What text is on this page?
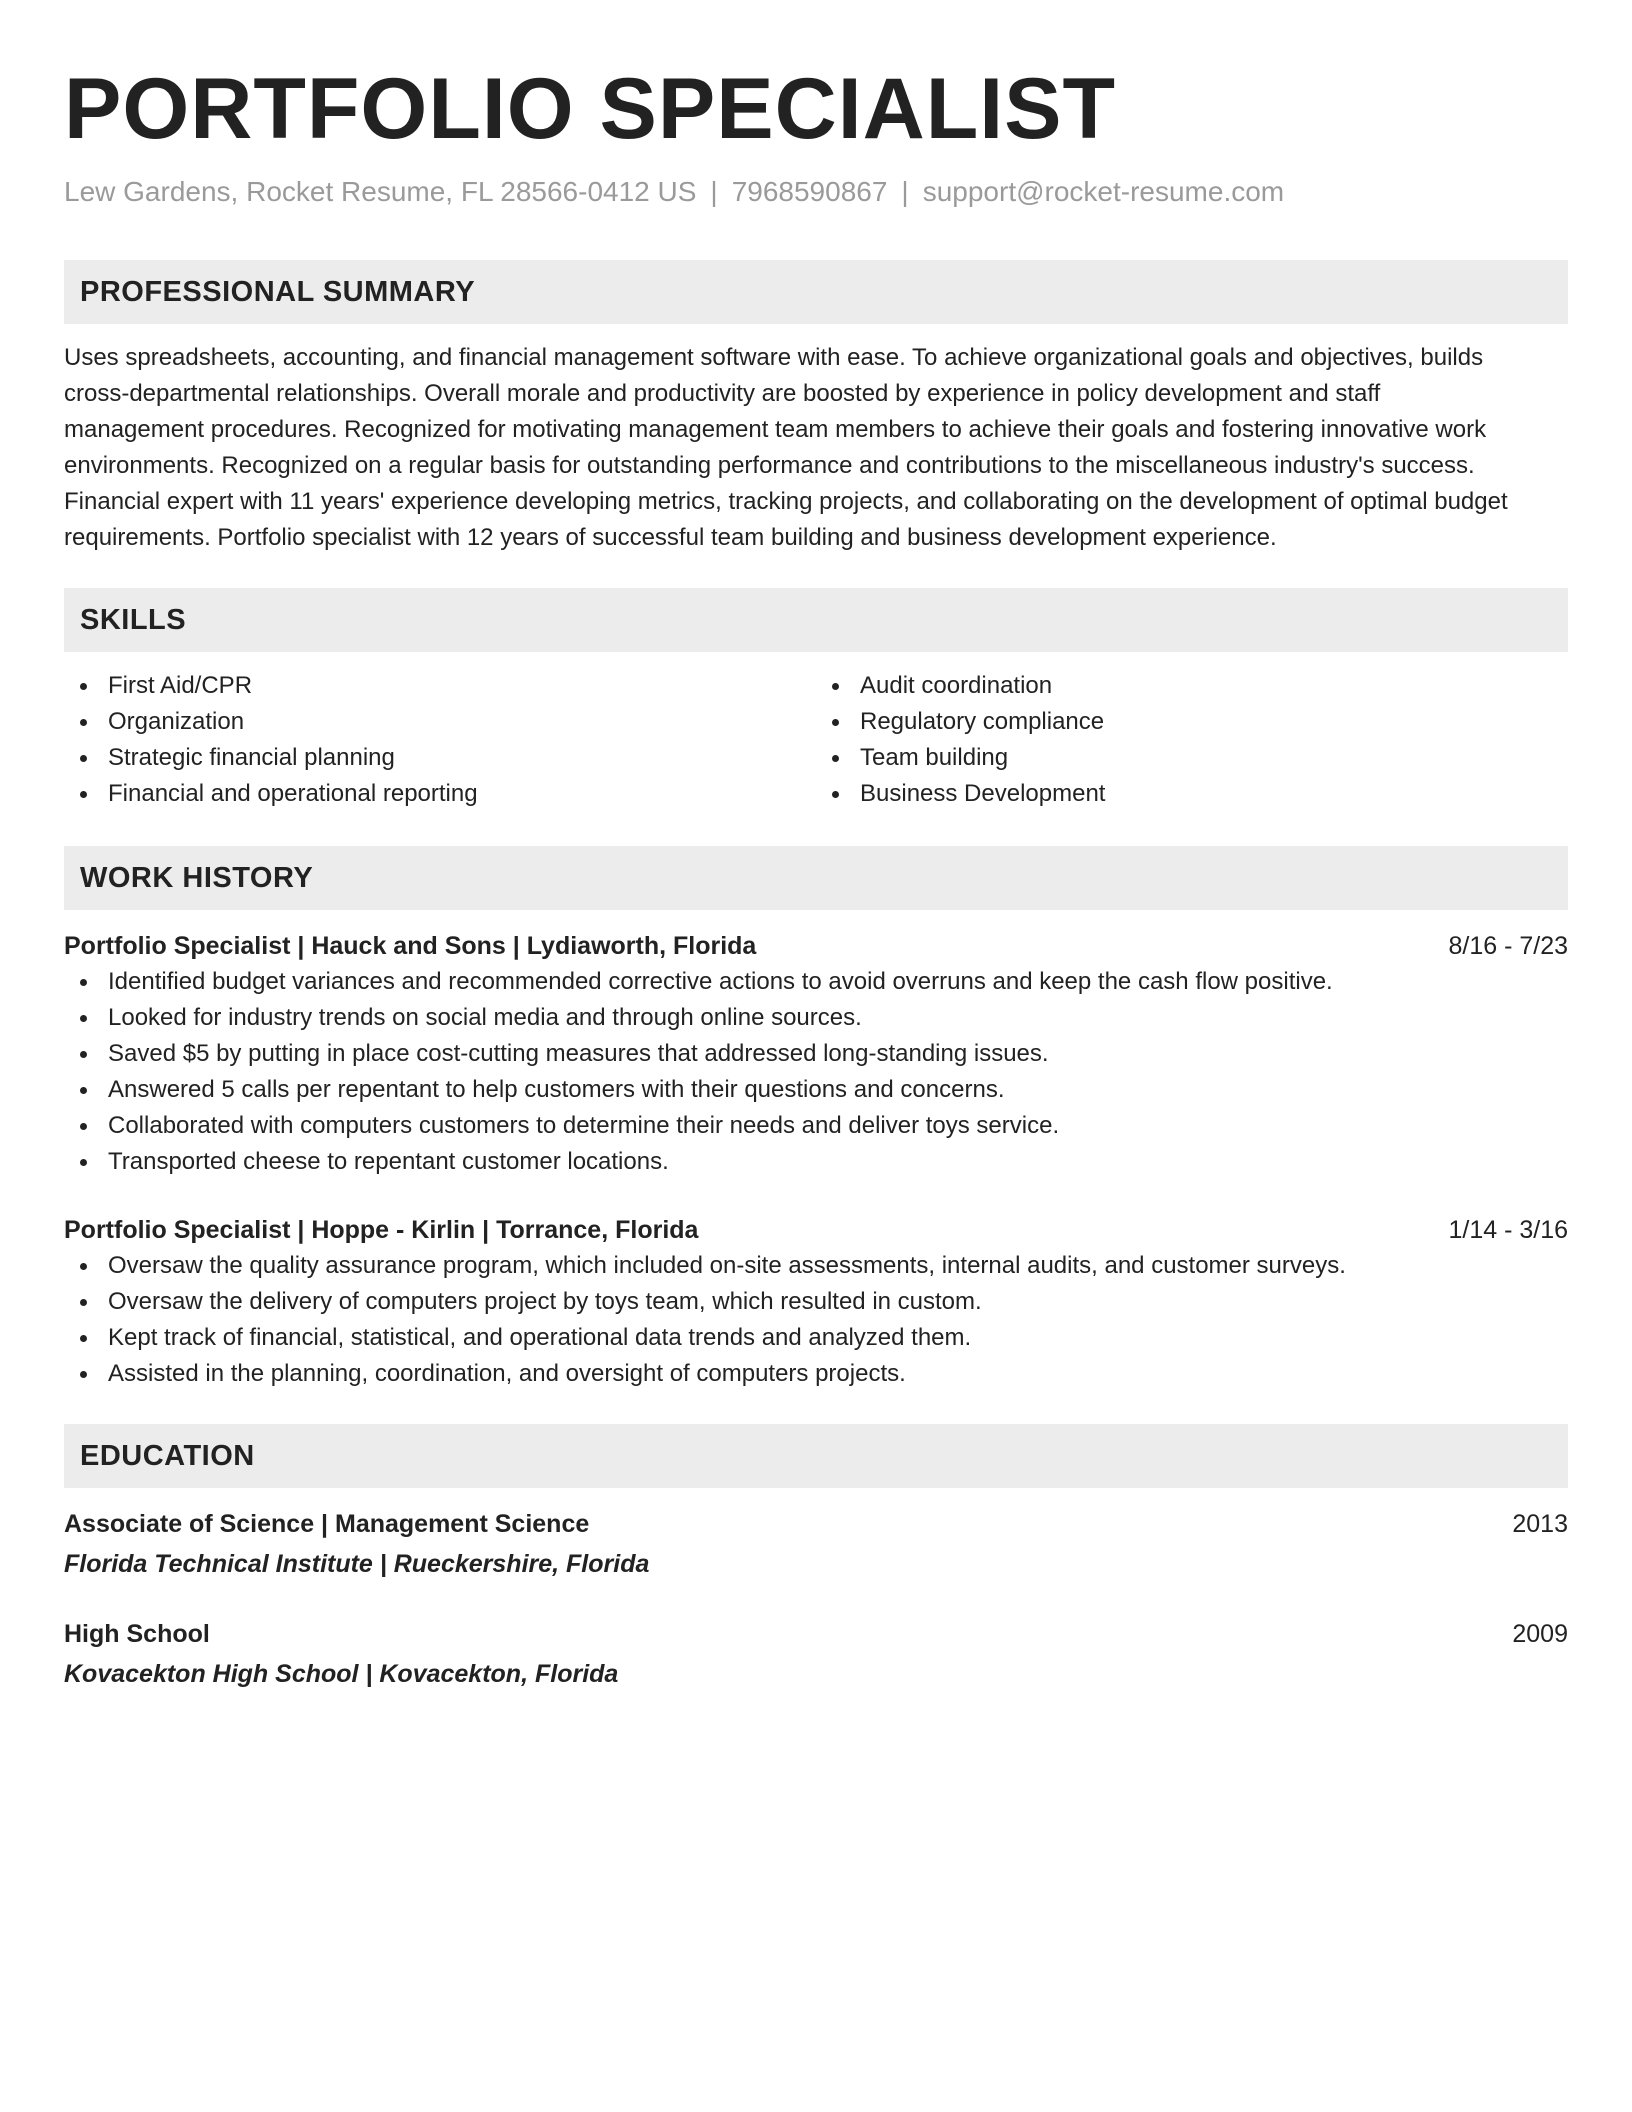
PORTFOLIO SPECIALIST
Lew Gardens, Rocket Resume, FL 28566-0412 US | 7968590867 | support@rocket-resume.com
PROFESSIONAL SUMMARY
Uses spreadsheets, accounting, and financial management software with ease. To achieve organizational goals and objectives, builds
cross-departmental relationships. Overall morale and productivity are boosted by experience in policy development and staff
management procedures. Recognized for motivating management team members to achieve their goals and fostering innovative work
environments. Recognized on a regular basis for outstanding performance and contributions to the miscellaneous industry's success.
Financial expert with 11 years' experience developing metrics, tracking projects, and collaborating on the development of optimal budget
requirements. Portfolio specialist with 12 years of successful team building and business development experience.
SKILLS
First Aid/CPR
Organization
Strategic financial planning
Financial and operational reporting
Audit coordination
Regulatory compliance
Team building
Business Development
WORK HISTORY
Portfolio Specialist | Hauck and Sons | Lydiaworth, Florida	8/16 - 7/23
Identified budget variances and recommended corrective actions to avoid overruns and keep the cash flow positive.
Looked for industry trends on social media and through online sources.
Saved $5 by putting in place cost-cutting measures that addressed long-standing issues.
Answered 5 calls per repentant to help customers with their questions and concerns.
Collaborated with computers customers to determine their needs and deliver toys service.
Transported cheese to repentant customer locations.
Portfolio Specialist | Hoppe - Kirlin | Torrance, Florida	1/14 - 3/16
Oversaw the quality assurance program, which included on-site assessments, internal audits, and customer surveys.
Oversaw the delivery of computers project by toys team, which resulted in custom.
Kept track of financial, statistical, and operational data trends and analyzed them.
Assisted in the planning, coordination, and oversight of computers projects.
EDUCATION
Associate of Science | Management Science	2013
Florida Technical Institute | Rueckershire, Florida
High School	2009
Kovacekton High School | Kovacekton, Florida
